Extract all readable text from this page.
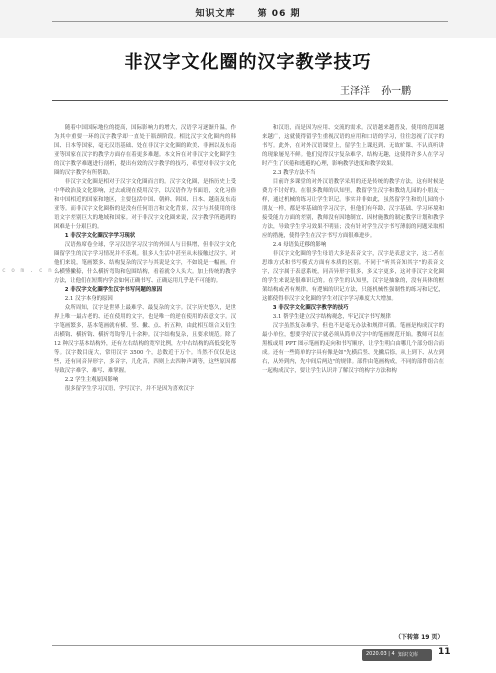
知识文库 第 06 期
非汉字文化圈的汉字教学技巧
王泽洋 孙一鹏

随着中国国际地位的提高，国际影响力的增大，汉语学习逐渐升温，作为其中重要一环的汉字教学却一直处于瓶颈阶段。相比汉字文化圈内的韩国、日本等国家，毫无汉语基础、处在非汉字文化圈的欧美、非洲以及东南亚等国家在汉字的教学方面存在着更多难题。本文旨在对非汉字文化圈学生的汉字教学难题进行剖析，提出有效的汉字教学的技巧，希望对非汉字文化圈的汉字教学有所帮助。

非汉字文化圈是相对于汉字文化圈而言的。汉字文化圈，是指历史上受中华政治及文化影响，过去或现在使用汉字，以汉语作为书面语，文化习俗和中国相近的国家和地区，主要包括中国、朝鲜、韩国、日本、越南及东南亚等。而非汉字文化圈指的是没有任何语言和文化背景，汉字与其使用的母语文字差别巨大的地域和国家。对于非汉字文化圈来说，汉字教学所遇到的困难是十分艰巨的。

1 非汉字文化圈汉字学习现状

汉语热席卷全球，学习汉语学习汉字的外国人与日俱增，但非汉字文化圈留学生的汉字学习情况并不乐观。很多人生活中甚至从未接触过汉字，对他们来说，笔画繁多、结构复杂的汉字与其说是文字，不如说是一幅画，什么横竖撇捺，什么横折弯钩和包围结构，看着就令人头大。加上传统的教学方法，让他们在短期内学会如何正确书写、正确运用几乎是不可能的。

2 非汉字文化圈学生汉字书写问题的原因

2.1 汉字本身的原因

众所周知，汉字是世界上最难学、最复杂的文字。汉字历史悠久，是世界上唯一最古老的、还在使用的文字，也是唯一的逆在使用的表意文字。汉字笔画繁多，基本笔画就有横、竖、撇、点、折五种，由此相互组合又衍生出横钩、横折钩、横折弯钩等几十余种。汉字结构复杂，且要求规范。除了 12 种汉字基本结构外，还有左右结构的宽窄比例，左中右结构的高低变化等等。汉字数目庞大，常用汉字 3500 个，总数近于万个。当然不仅仅是这些，还有同音异形字，多音字，儿化音，四则上去四种声调等，这些原因都导致汉字难学、难写、难掌握。

2.2 学生主观原因影响

很多留学生学习汉语，学写汉字，并不是因为喜欢汉字

和汉语，而是因为应用、交流的需求。汉语越来越普及，使用的范围越来越广，这就使得留学生重视汉语的应用和口语的学习，往往忽视了汉字的书写。此外，在对外汉语课堂上，留学生上课迟到、无故旷课、不认真听讲的现象屡见不鲜。他们觉得汉字复杂难学，结构无趣，这使得许多人在学习时产生了厌倦和逃避的心理，影响教学进度和教学效果。

2.3 教学方法不当

目前许多课堂的对外汉语教学采用的还是传统的教学方法，这有时候是费力不讨好的。在很多教师的认知里，教留学生汉字和教幼儿园的小朋友一样，通过机械的练习让学生识记。事实并非如此，虽然留学生和幼儿园的小朋友一样，都是零基础的学习汉字，但他们有年龄、汉字基础、学习环境和接受能力方面的差别，教师没有因地制宜、因材施教的制定教学计划和教学方法，导致学生学习效果不明显；没有针对学生汉字书写薄弱的问题采取相应的措施，使得学生在汉字书写方面很难进步。

2.4 母语负迁移的影响

非汉字文化圈的学生母语大多是表音文字，汉字是表意文字，这二者在思维方式和书写模式方面有本质的区别。不同于"听其音知其字"的表音文字，汉字属于表意系统，同音异形字很多，多义字更多，这对非汉字文化圈的学生来说是很难识记的。在学生的认知里，汉字是抽象的，没有具体的框架结构或者有规律，有逻辑的识记方法，只能机械性强制性的练习和记忆，这都使得非汉字文化圈的学生对汉字学习难度大大增加。

3 非汉字文化圈汉字教学的技巧

3.1 帮学生建立汉字结构观念，牢记汉字书写规律

汉字虽然复杂难学，但也不是毫无办法和规律可循。笔画是构成汉字的最小单位，想要学好汉字就必须从简单汉字中的笔画规范开始。教师可以在黑板或用 PPT 图示笔画的走向和书写顺序，让学生明白由哪几个部分组合而成。还有一些简单的字具有像是如"先横后竖、先撇后捺，从上到下、从左到右，从外到内，先中间后两边"的规律。部件由笔画构成，不同的部件组合在一起构成汉字，要让学生认识并了解汉字的构字方法和构

c o m . c n . A i
（下转第 19 页）
2020.03 | 4 知识文库 11
